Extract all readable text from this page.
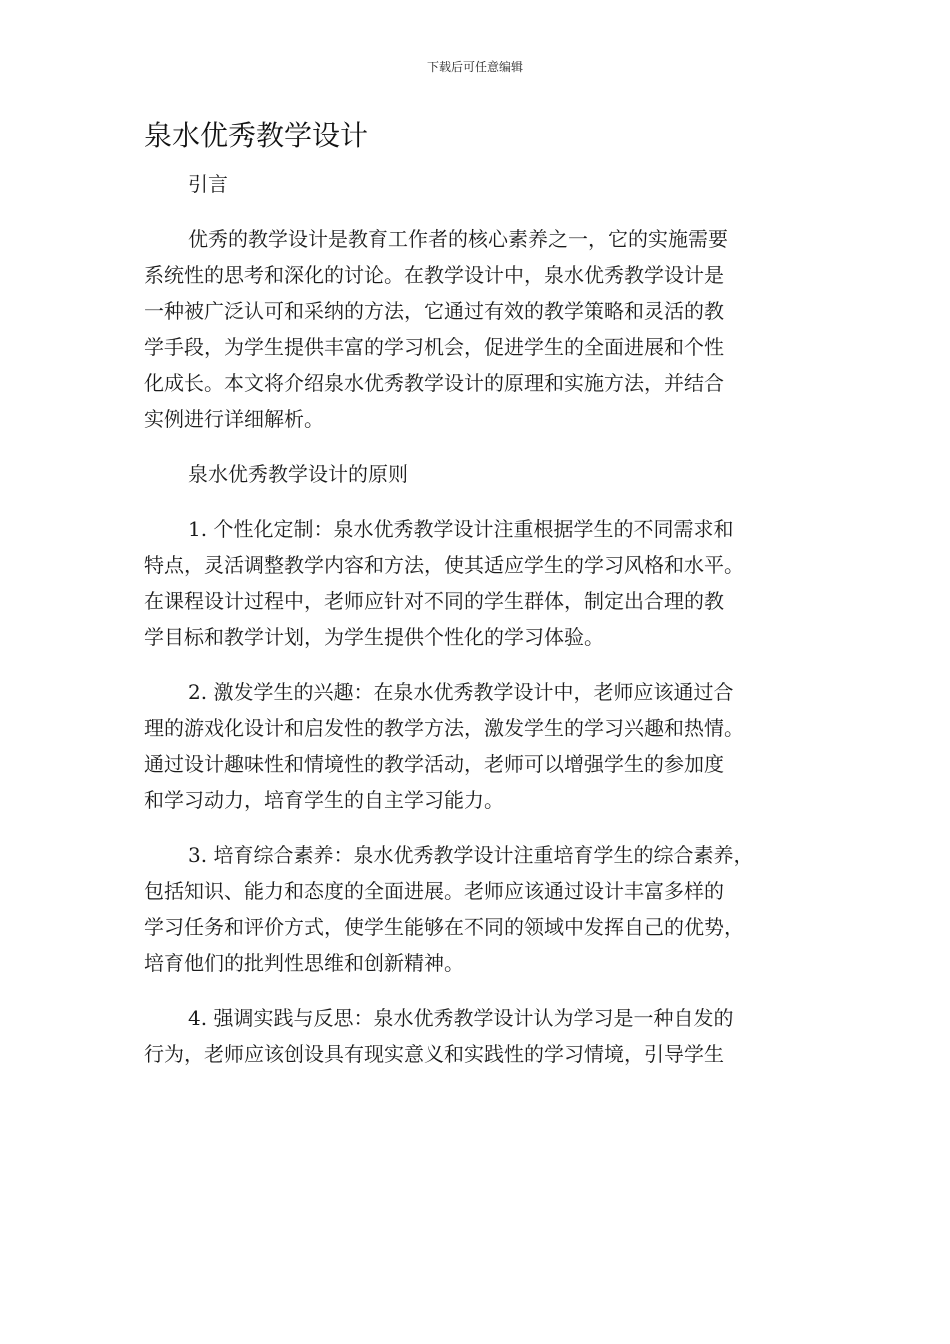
下载后可任意编辑
泉水优秀教学设计
引言
优秀的教学设计是教育工作者的核心素养之一，它的实施需要
系统性的思考和深化的讨论。在教学设计中，泉水优秀教学设计是
一种被广泛认可和采纳的方法，它通过有效的教学策略和灵活的教
学手段，为学生提供丰富的学习机会，促进学生的全面进展和个性
化成长。本文将介绍泉水优秀教学设计的原理和实施方法，并结合
实例进行详细解析。
泉水优秀教学设计的原则
1. 个性化定制：泉水优秀教学设计注重根据学生的不同需求和
特点，灵活调整教学内容和方法，使其适应学生的学习风格和水平。
在课程设计过程中，老师应针对不同的学生群体，制定出合理的教
学目标和教学计划，为学生提供个性化的学习体验。
2. 激发学生的兴趣：在泉水优秀教学设计中，老师应该通过合
理的游戏化设计和启发性的教学方法，激发学生的学习兴趣和热情。
通过设计趣味性和情境性的教学活动，老师可以增强学生的参加度
和学习动力，培育学生的自主学习能力。
3. 培育综合素养：泉水优秀教学设计注重培育学生的综合素养，
包括知识、能力和态度的全面进展。老师应该通过设计丰富多样的
学习任务和评价方式，使学生能够在不同的领域中发挥自己的优势，
培育他们的批判性思维和创新精神。
4. 强调实践与反思：泉水优秀教学设计认为学习是一种自发的
行为，老师应该创设具有现实意义和实践性的学习情境，引导学生
